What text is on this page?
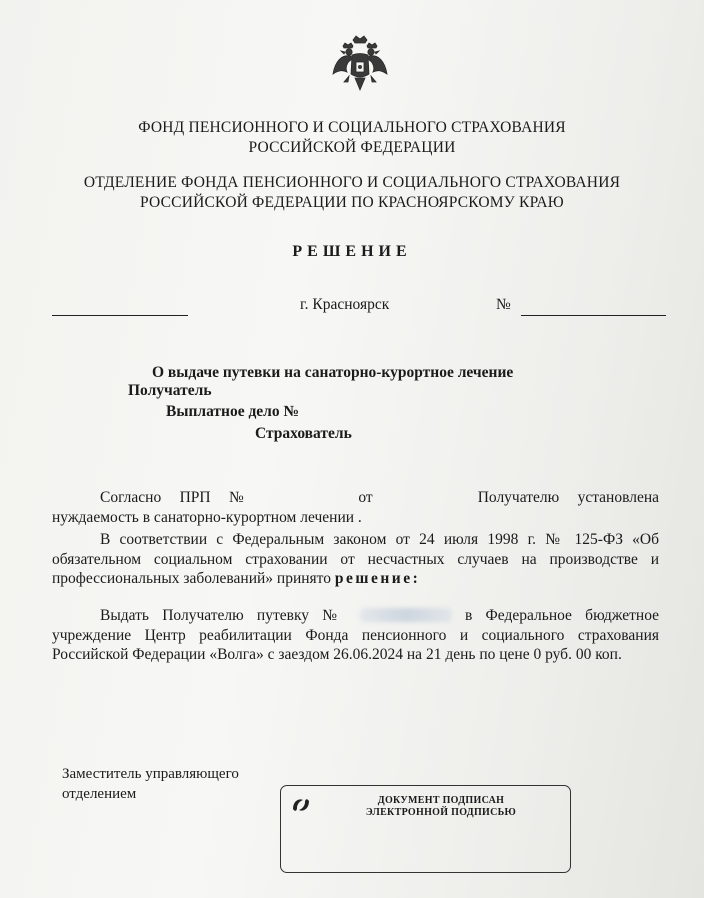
ФОНД ПЕНСИОННОГО И СОЦИАЛЬНОГО СТРАХОВАНИЯ
РОССИЙСКОЙ ФЕДЕРАЦИИ
ОТДЕЛЕНИЕ ФОНДА ПЕНСИОННОГО И СОЦИАЛЬНОГО СТРАХОВАНИЯ
РОССИЙСКОЙ ФЕДЕРАЦИИ ПО КРАСНОЯРСКОМУ КРАЮ
РЕШЕНИЕ
г. Красноярск	№
О выдаче путевки на санаторно-курортное лечение
Получатель
Выплатное дело №
Страхователь

Согласно ПРП №	от	Получателю установлена нуждаемость в санаторно-курортном лечении .

В соответствии с Федеральным законом от 24 июля 1998 г. № 125-ФЗ «Об обязательном социальном страховании от несчастных случаев на производстве и профессиональных заболеваний» принято решение:

Выдать Получателю путевку №	в Федеральное бюджетное учреждение Центр реабилитации Фонда пенсионного и социального страхования Российской Федерации «Волга» с заездом 26.06.2024 на 21 день по цене 0 руб. 00 коп.

Заместитель управляющего
отделением	ДОКУМЕНТ ПОДПИСАН
ЭЛЕКТРОННОЙ ПОДПИСЬЮ
